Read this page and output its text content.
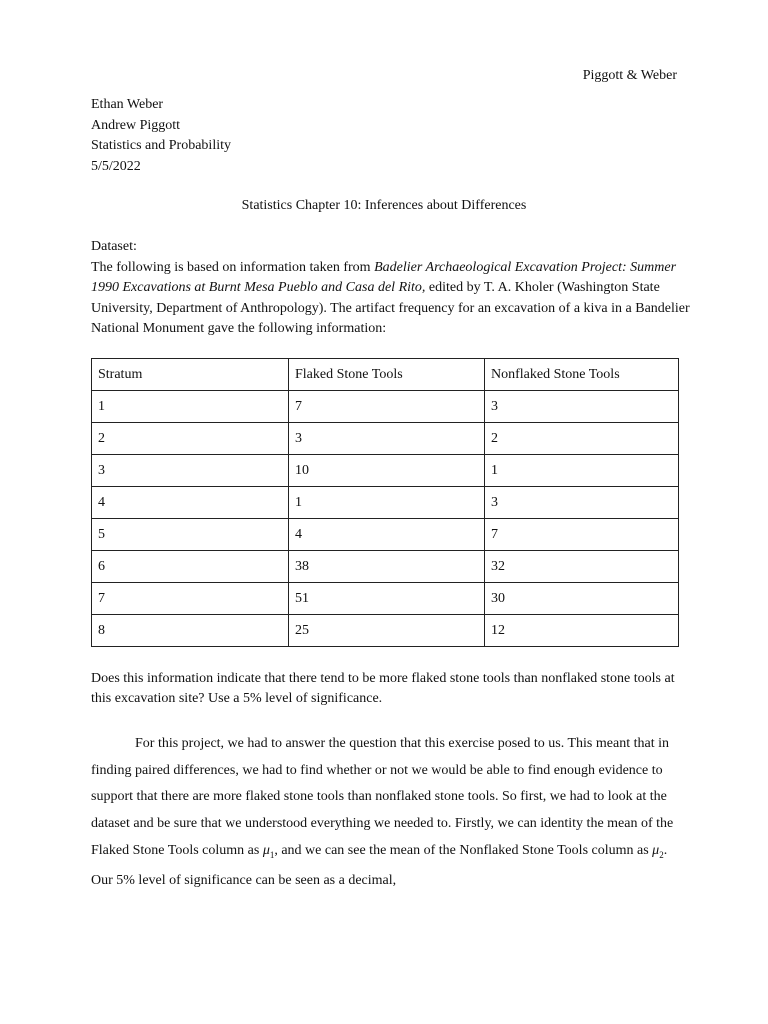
Piggott & Weber
Ethan Weber
Andrew Piggott
Statistics and Probability
5/5/2022
Statistics Chapter 10: Inferences about Differences

Dataset:

The following is based on information taken from Badelier Archaeological Excavation Project: Summer 1990 Excavations at Burnt Mesa Pueblo and Casa del Rito, edited by T. A. Kholer (Washington State University, Department of Anthropology). The artifact frequency for an excavation of a kiva in a Bandelier National Monument gave the following information:

Stratum	Flaked Stone Tools	Nonflaked Stone Tools
1	7	3
2	3	2
3	10	1
4	1	3
5	4	7
6	38	32
7	51	30
8	25	12
Does this information indicate that there tend to be more flaked stone tools than nonflaked stone tools at this excavation site? Use a 5% level of significance.

For this project, we had to answer the question that this exercise posed to us. This meant that in finding paired differences, we had to find whether or not we would be able to find enough evidence to support that there are more flaked stone tools than nonflaked stone tools. So first, we had to look at the dataset and be sure that we understood everything we needed to. Firstly, we can identity the mean of the Flaked Stone Tools column as $\mu_1$, and we can see the mean of the Nonflaked Stone Tools column as $\mu_2$. Our 5% level of significance can be seen as a decimal,
